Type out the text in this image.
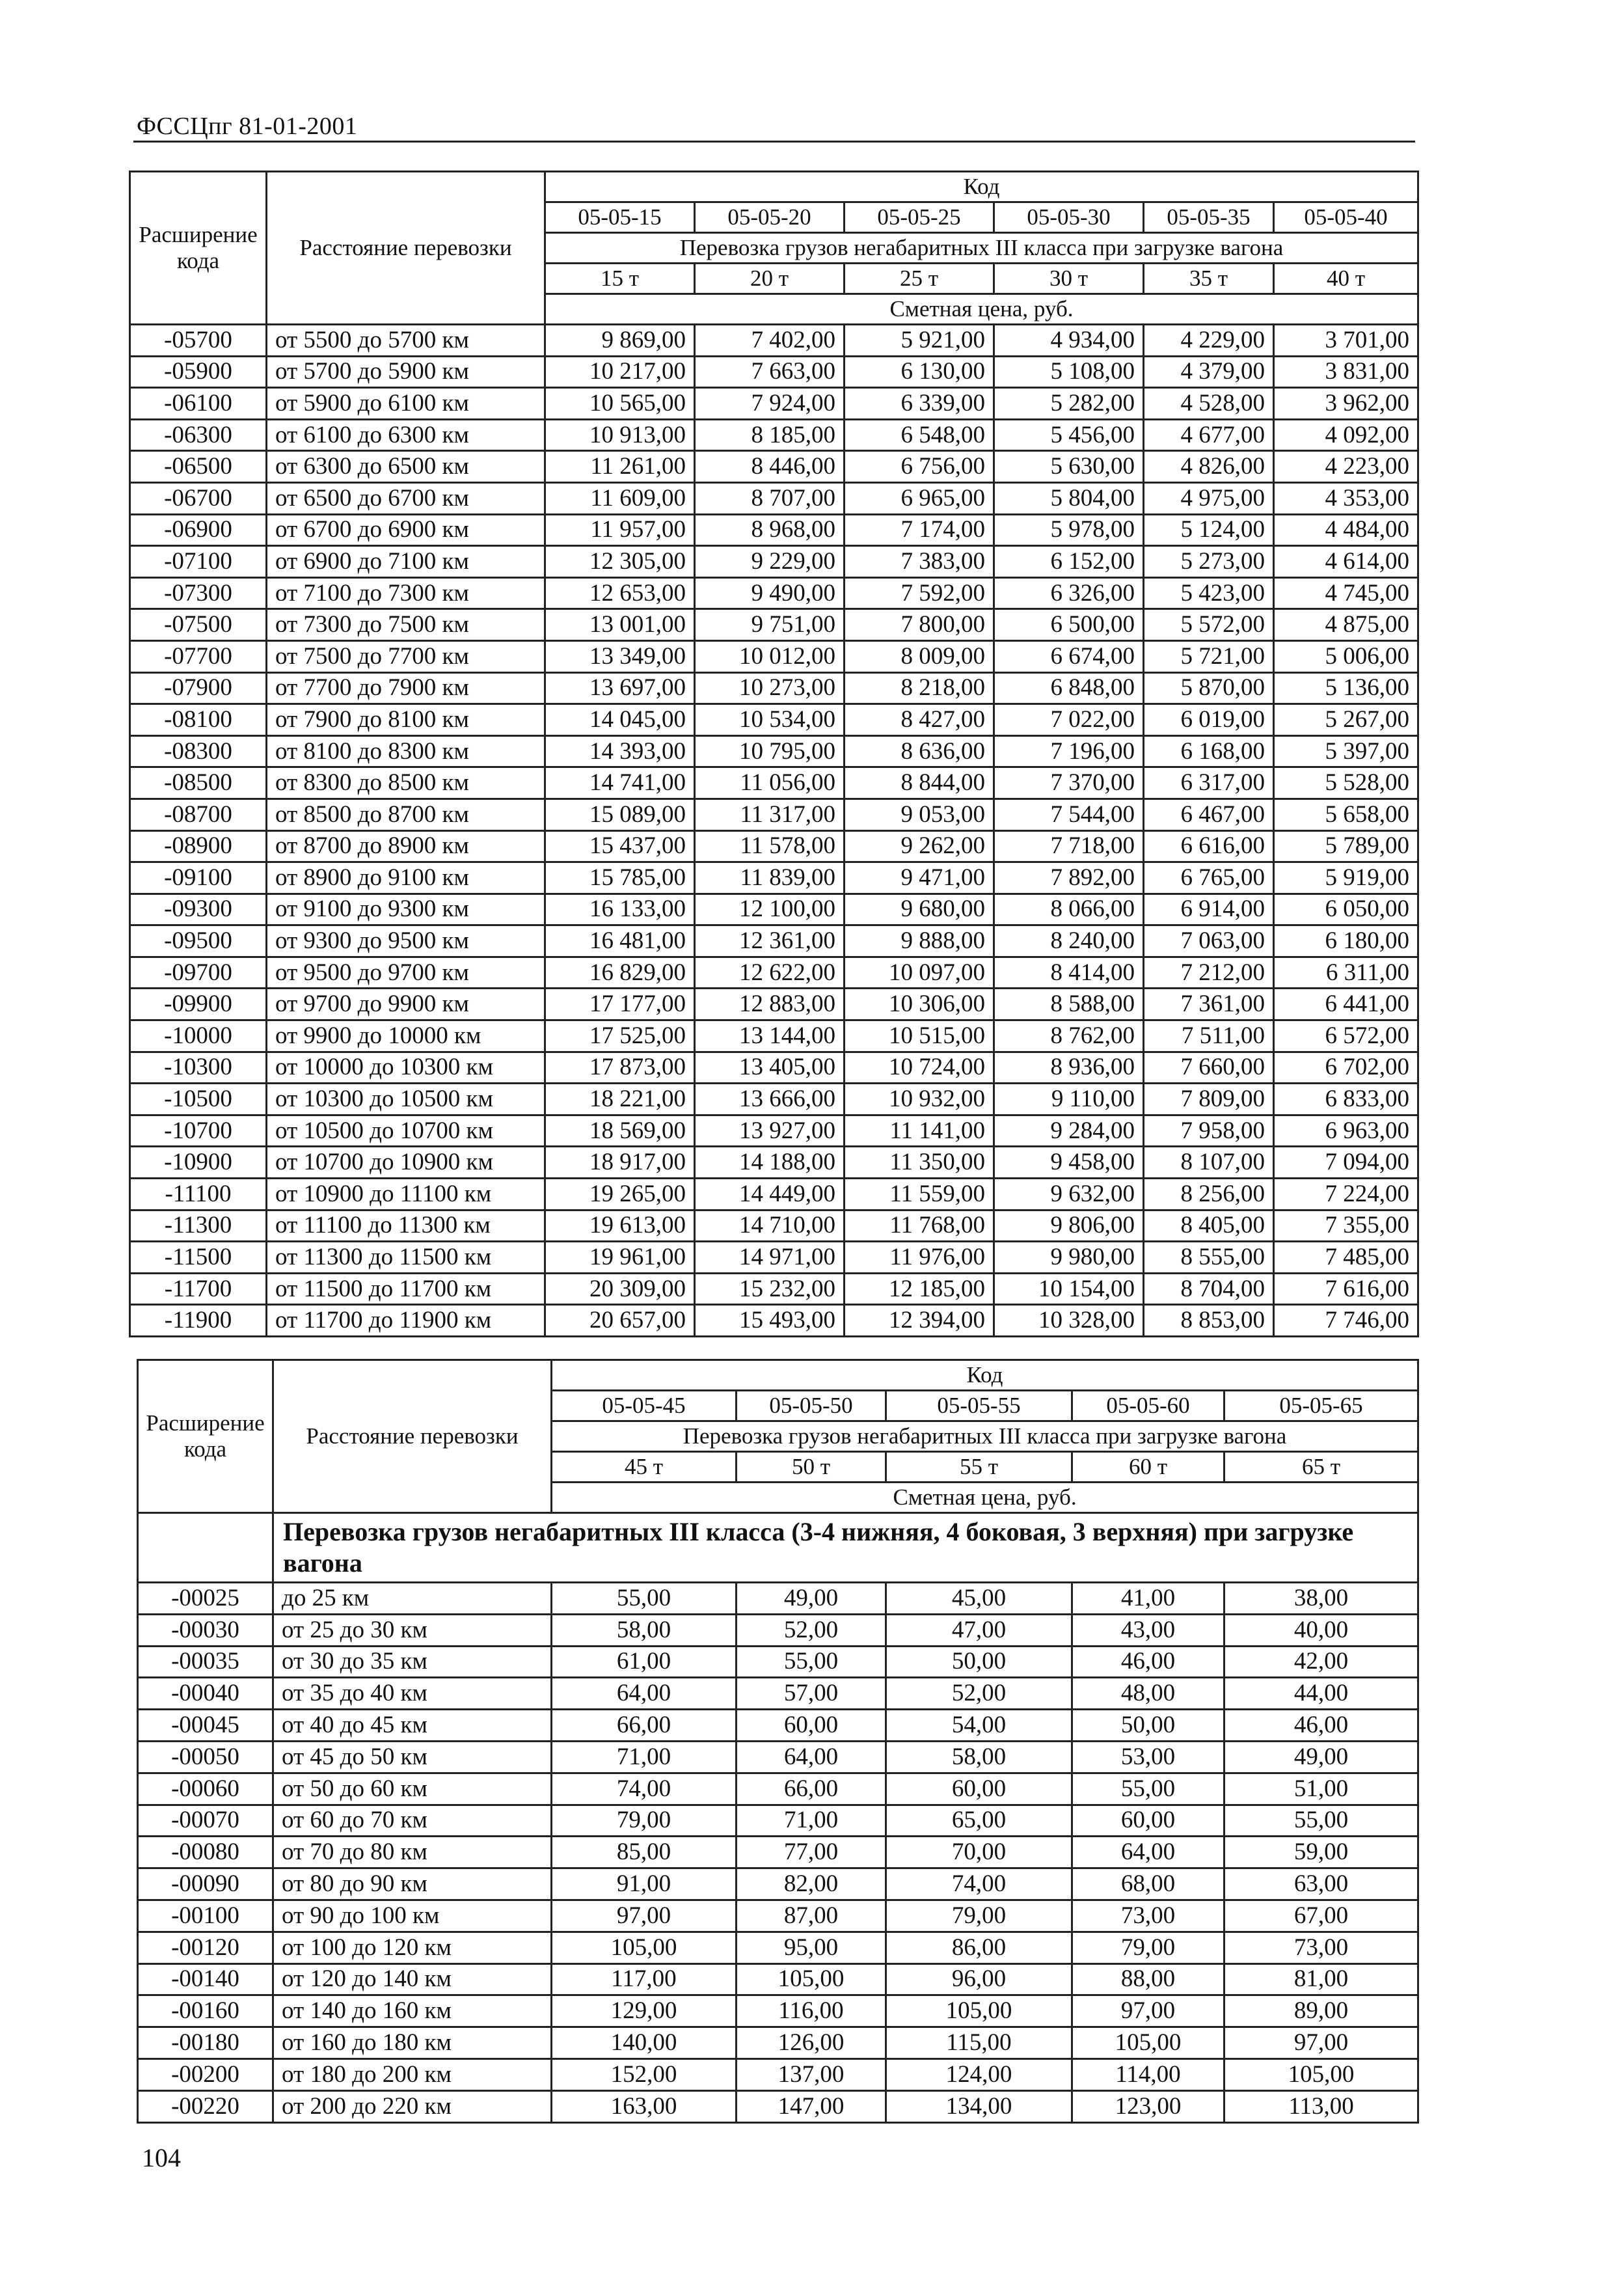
ФССЦпг 81-01-2001
Расширение кода	Расстояние перевозки	Код					
		05-05-15	05-05-20	05-05-25	05-05-30	05-05-35	05-05-40
		Перевозка грузов негабаритных III класса при загрузке вагона					
		15 т	20 т	25 т	30 т	35 т	40 т
		Сметная цена, руб.					
-05700	от 5500 до 5700 км	9 869,00	7 402,00	5 921,00	4 934,00	4 229,00	3 701,00
-05900	от 5700 до 5900 км	10 217,00	7 663,00	6 130,00	5 108,00	4 379,00	3 831,00
-06100	от 5900 до 6100 км	10 565,00	7 924,00	6 339,00	5 282,00	4 528,00	3 962,00
-06300	от 6100 до 6300 км	10 913,00	8 185,00	6 548,00	5 456,00	4 677,00	4 092,00
-06500	от 6300 до 6500 км	11 261,00	8 446,00	6 756,00	5 630,00	4 826,00	4 223,00
-06700	от 6500 до 6700 км	11 609,00	8 707,00	6 965,00	5 804,00	4 975,00	4 353,00
-06900	от 6700 до 6900 км	11 957,00	8 968,00	7 174,00	5 978,00	5 124,00	4 484,00
-07100	от 6900 до 7100 км	12 305,00	9 229,00	7 383,00	6 152,00	5 273,00	4 614,00
-07300	от 7100 до 7300 км	12 653,00	9 490,00	7 592,00	6 326,00	5 423,00	4 745,00
-07500	от 7300 до 7500 км	13 001,00	9 751,00	7 800,00	6 500,00	5 572,00	4 875,00
-07700	от 7500 до 7700 км	13 349,00	10 012,00	8 009,00	6 674,00	5 721,00	5 006,00
-07900	от 7700 до 7900 км	13 697,00	10 273,00	8 218,00	6 848,00	5 870,00	5 136,00
-08100	от 7900 до 8100 км	14 045,00	10 534,00	8 427,00	7 022,00	6 019,00	5 267,00
-08300	от 8100 до 8300 км	14 393,00	10 795,00	8 636,00	7 196,00	6 168,00	5 397,00
-08500	от 8300 до 8500 км	14 741,00	11 056,00	8 844,00	7 370,00	6 317,00	5 528,00
-08700	от 8500 до 8700 км	15 089,00	11 317,00	9 053,00	7 544,00	6 467,00	5 658,00
-08900	от 8700 до 8900 км	15 437,00	11 578,00	9 262,00	7 718,00	6 616,00	5 789,00
-09100	от 8900 до 9100 км	15 785,00	11 839,00	9 471,00	7 892,00	6 765,00	5 919,00
-09300	от 9100 до 9300 км	16 133,00	12 100,00	9 680,00	8 066,00	6 914,00	6 050,00
-09500	от 9300 до 9500 км	16 481,00	12 361,00	9 888,00	8 240,00	7 063,00	6 180,00
-09700	от 9500 до 9700 км	16 829,00	12 622,00	10 097,00	8 414,00	7 212,00	6 311,00
-09900	от 9700 до 9900 км	17 177,00	12 883,00	10 306,00	8 588,00	7 361,00	6 441,00
-10000	от 9900 до 10000 км	17 525,00	13 144,00	10 515,00	8 762,00	7 511,00	6 572,00
-10300	от 10000 до 10300 км	17 873,00	13 405,00	10 724,00	8 936,00	7 660,00	6 702,00
-10500	от 10300 до 10500 км	18 221,00	13 666,00	10 932,00	9 110,00	7 809,00	6 833,00
-10700	от 10500 до 10700 км	18 569,00	13 927,00	11 141,00	9 284,00	7 958,00	6 963,00
-10900	от 10700 до 10900 км	18 917,00	14 188,00	11 350,00	9 458,00	8 107,00	7 094,00
-11100	от 10900 до 11100 км	19 265,00	14 449,00	11 559,00	9 632,00	8 256,00	7 224,00
-11300	от 11100 до 11300 км	19 613,00	14 710,00	11 768,00	9 806,00	8 405,00	7 355,00
-11500	от 11300 до 11500 км	19 961,00	14 971,00	11 976,00	9 980,00	8 555,00	7 485,00
-11700	от 11500 до 11700 км	20 309,00	15 232,00	12 185,00	10 154,00	8 704,00	7 616,00
-11900	от 11700 до 11900 км	20 657,00	15 493,00	12 394,00	10 328,00	8 853,00	7 746,00
Расширение кода	Расстояние перевозки	Код				
		05-05-45	05-05-50	05-05-55	05-05-60	05-05-65
		Перевозка грузов негабаритных III класса при загрузке вагона				
		45 т	50 т	55 т	60 т	65 т
		Сметная цена, руб.				
	Перевозка грузов негабаритных III класса (3-4 нижняя, 4 боковая, 3 верхняя) при загрузке вагона					
-00025	до 25 км	55,00	49,00	45,00	41,00	38,00
-00030	от 25 до 30 км	58,00	52,00	47,00	43,00	40,00
-00035	от 30 до 35 км	61,00	55,00	50,00	46,00	42,00
-00040	от 35 до 40 км	64,00	57,00	52,00	48,00	44,00
-00045	от 40 до 45 км	66,00	60,00	54,00	50,00	46,00
-00050	от 45 до 50 км	71,00	64,00	58,00	53,00	49,00
-00060	от 50 до 60 км	74,00	66,00	60,00	55,00	51,00
-00070	от 60 до 70 км	79,00	71,00	65,00	60,00	55,00
-00080	от 70 до 80 км	85,00	77,00	70,00	64,00	59,00
-00090	от 80 до 90 км	91,00	82,00	74,00	68,00	63,00
-00100	от 90 до 100 км	97,00	87,00	79,00	73,00	67,00
-00120	от 100 до 120 км	105,00	95,00	86,00	79,00	73,00
-00140	от 120 до 140 км	117,00	105,00	96,00	88,00	81,00
-00160	от 140 до 160 км	129,00	116,00	105,00	97,00	89,00
-00180	от 160 до 180 км	140,00	126,00	115,00	105,00	97,00
-00200	от 180 до 200 км	152,00	137,00	124,00	114,00	105,00
-00220	от 200 до 220 км	163,00	147,00	134,00	123,00	113,00
104
